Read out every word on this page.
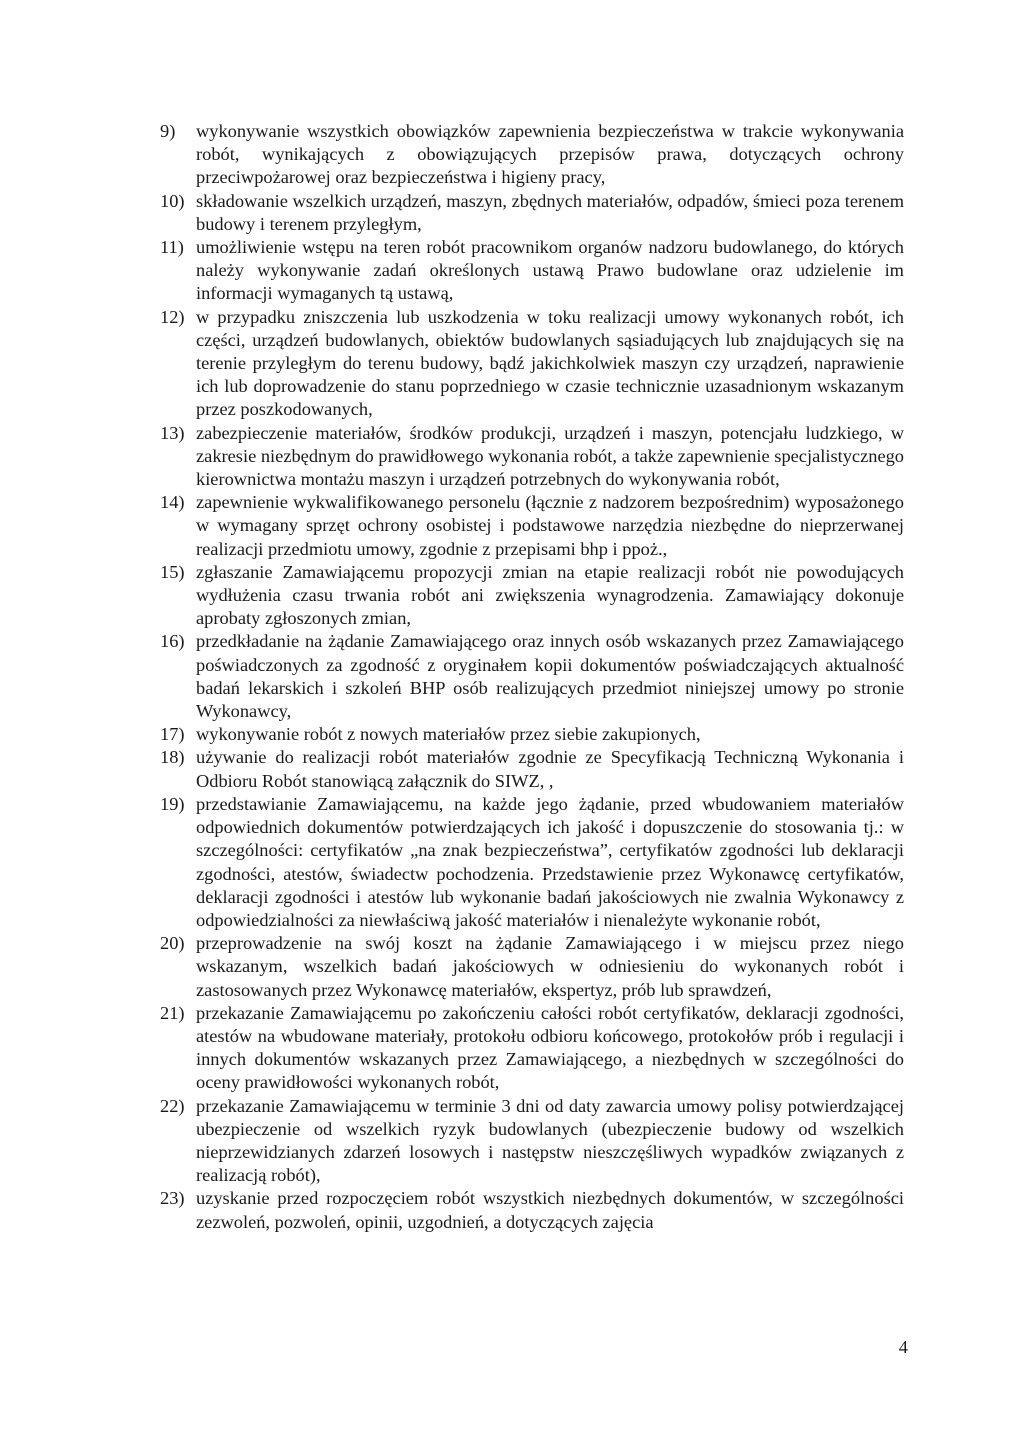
9)	wykonywanie wszystkich obowiązków zapewnienia bezpieczeństwa w trakcie wykonywania robót, wynikających z obowiązujących przepisów prawa, dotyczących ochrony przeciwpożarowej oraz bezpieczeństwa i higieny pracy,
10) składowanie wszelkich urządzeń, maszyn, zbędnych materiałów, odpadów, śmieci poza terenem budowy i terenem przyległym,
11) umożliwienie wstępu na teren robót pracownikom organów nadzoru budowlanego, do których należy wykonywanie zadań określonych ustawą Prawo budowlane oraz udzielenie im informacji wymaganych tą ustawą,
12) w przypadku zniszczenia lub uszkodzenia w toku realizacji umowy wykonanych robót, ich części, urządzeń budowlanych, obiektów budowlanych sąsiadujących lub znajdujących się na terenie przyległym do terenu budowy, bądź jakichkolwiek maszyn czy urządzeń, naprawienie ich lub doprowadzenie do stanu poprzedniego w czasie technicznie uzasadnionym wskazanym przez poszkodowanych,
13) zabezpieczenie materiałów, środków produkcji, urządzeń i maszyn, potencjału ludzkiego, w zakresie niezbędnym do prawidłowego wykonania robót, a także zapewnienie specjalistycznego kierownictwa montażu maszyn i urządzeń potrzebnych do wykonywania robót,
14) zapewnienie wykwalifikowanego personelu (łącznie z nadzorem bezpośrednim) wyposażonego w wymagany sprzęt ochrony osobistej i podstawowe narzędzia niezbędne do nieprzerwanej realizacji przedmiotu umowy, zgodnie z przepisami bhp i ppoż.,
15) zgłaszanie Zamawiającemu propozycji zmian na etapie realizacji robót nie powodujących wydłużenia czasu trwania robót ani zwiększenia wynagrodzenia. Zamawiający dokonuje aprobaty zgłoszonych zmian,
16) przedkładanie na żądanie Zamawiającego oraz innych osób wskazanych przez Zamawiającego poświadczonych za zgodność z oryginałem kopii dokumentów poświadczających aktualność badań lekarskich i szkoleń BHP osób realizujących przedmiot niniejszej umowy po stronie Wykonawcy,
17) wykonywanie robót z nowych materiałów przez siebie zakupionych,
18) używanie do realizacji robót materiałów zgodnie ze Specyfikacją Techniczną Wykonania i Odbioru Robót stanowiącą załącznik do SIWZ, ,
19) przedstawianie Zamawiającemu, na każde jego żądanie, przed wbudowaniem materiałów odpowiednich dokumentów potwierdzających ich jakość i dopuszczenie do stosowania tj.: w szczególności: certyfikatów „na znak bezpieczeństwa”, certyfikatów zgodności lub deklaracji zgodności, atestów, świadectw pochodzenia. Przedstawienie przez Wykonawcę certyfikatów, deklaracji zgodności i atestów lub wykonanie badań jakościowych nie zwalnia Wykonawcy z odpowiedzialności za niewłaściwą jakość materiałów i nienależyte wykonanie robót,
20) przeprowadzenie na swój koszt na żądanie Zamawiającego i w miejscu przez niego wskazanym, wszelkich badań jakościowych w odniesieniu do wykonanych robót i zastosowanych przez Wykonawcę materiałów, ekspertyz, prób lub sprawdzeń,
21) przekazanie Zamawiającemu po zakończeniu całości robót certyfikatów, deklaracji zgodności, atestów na wbudowane materiały, protokołu odbioru końcowego, protokołów prób i regulacji i innych dokumentów wskazanych przez Zamawiającego, a niezbędnych w szczególności do oceny prawidłowości wykonanych robót,
22) przekazanie Zamawiającemu w terminie 3 dni od daty zawarcia umowy polisy potwierdzającej ubezpieczenie od wszelkich ryzyk budowlanych (ubezpieczenie budowy od wszelkich nieprzewidzianych zdarzeń losowych i następstw nieszczęśliwych wypadków związanych z realizacją robót),
23) uzyskanie przed rozpoczęciem robót wszystkich niezbędnych dokumentów, w szczególności zezwoleń, pozwoleń, opinii, uzgodnień, a dotyczących zajęcia
4
